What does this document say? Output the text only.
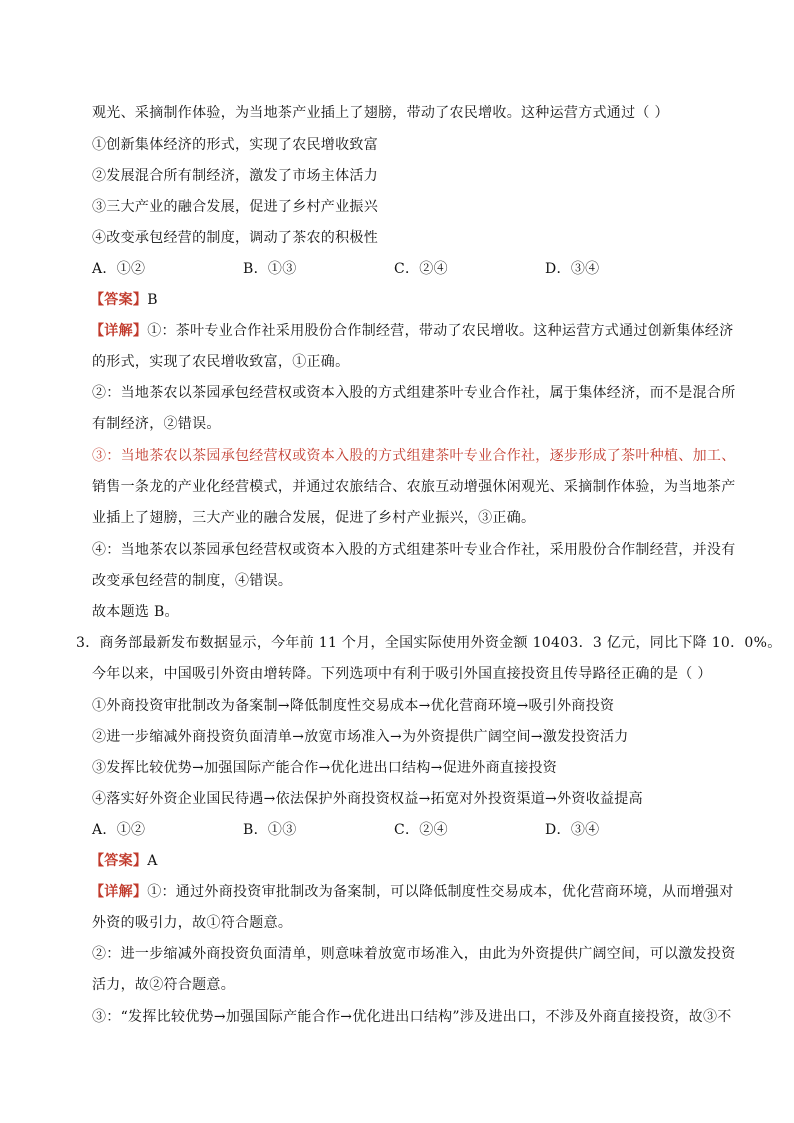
观光、采摘制作体验，为当地茶产业插上了翅膀，带动了农民增收。这种运营方式通过（ ）
①创新集体经济的形式，实现了农民增收致富
②发展混合所有制经济，激发了市场主体活力
③三大产业的融合发展，促进了乡村产业振兴
④改变承包经营的制度，调动了茶农的积极性
A．①②	B．①③	C．②④	D．③④
【答案】B
【详解】①：茶叶专业合作社采用股份合作制经营，带动了农民增收。这种运营方式通过创新集体经济
的形式，实现了农民增收致富，①正确。
②：当地茶农以茶园承包经营权或资本入股的方式组建茶叶专业合作社，属于集体经济，而不是混合所
有制经济，②错误。
③：当地茶农以茶园承包经营权或资本入股的方式组建茶叶专业合作社，逐步形成了茶叶种植、加工、
销售一条龙的产业化经营模式，并通过农旅结合、农旅互动增强休闲观光、采摘制作体验，为当地茶产
业插上了翅膀，三大产业的融合发展，促进了乡村产业振兴，③正确。
④：当地茶农以茶园承包经营权或资本入股的方式组建茶叶专业合作社，采用股份合作制经营，并没有
改变承包经营的制度，④错误。
故本题选 B。
3．商务部最新发布数据显示，今年前 11 个月，全国实际使用外资金额 10403．3 亿元，同比下降 10．0%。
今年以来，中国吸引外资由增转降。下列选项中有利于吸引外国直接投资且传导路径正确的是（ ）
①外商投资审批制改为备案制→降低制度性交易成本→优化营商环境→吸引外商投资
②进一步缩减外商投资负面清单→放宽市场准入→为外资提供广阔空间→激发投资活力
③发挥比较优势→加强国际产能合作→优化进出口结构→促进外商直接投资
④落实好外资企业国民待遇→依法保护外商投资权益→拓宽对外投资渠道→外资收益提高
A．①②	B．①③	C．②④	D．③④
【答案】A
【详解】①：通过外商投资审批制改为备案制，可以降低制度性交易成本，优化营商环境，从而增强对
外资的吸引力，故①符合题意。
②：进一步缩减外商投资负面清单，则意味着放宽市场准入，由此为外资提供广阔空间，可以激发投资
活力，故②符合题意。
③：“发挥比较优势→加强国际产能合作→优化进出口结构”涉及进出口，不涉及外商直接投资，故③不
